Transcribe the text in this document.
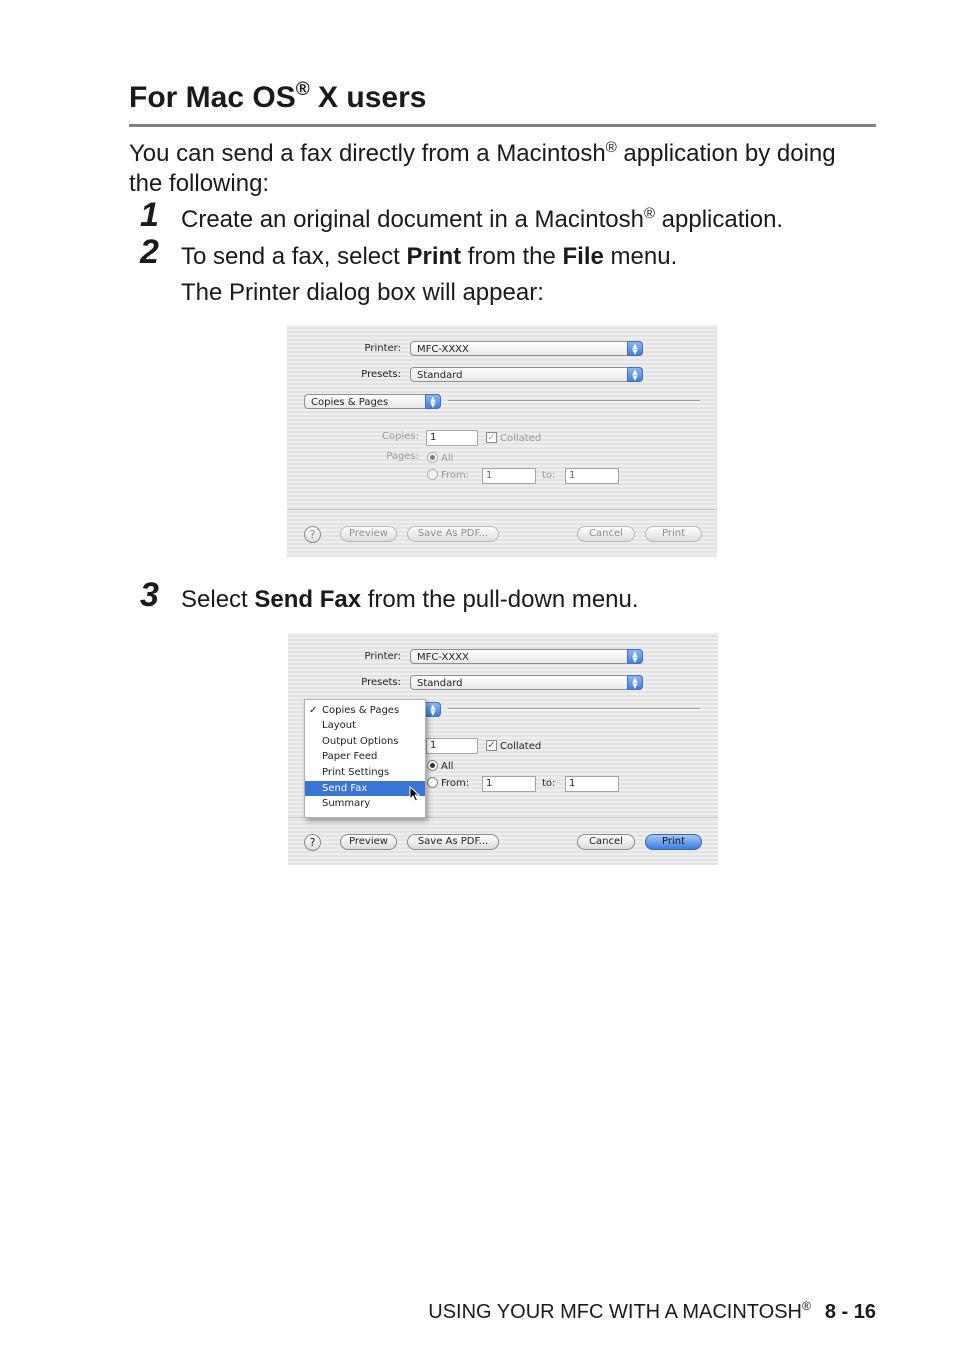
For Mac OS® X users
You can send a fax directly from a Macintosh® application by doing
the following:
1 Create an original document in a Macintosh® application.
2 To send a fax, select Print from the File menu.
The Printer dialog box will appear:
Printer:	MFC-XXXX	▲
▼
Presets:	Standard	▲
▼
Copies & Pages	▲
▼
Copies:	1	✓ Collated
Pages: All
From:	1	to:	1
?	Preview	Save As PDF...	Cancel	Print
3 Select Send Fax from the pull-down menu.
Printer:	MFC-XXXX	▲
▼
Presets:	Standard	▲
▼
▲
▼
1	✓ Collated
All
From:	1	to:	1
?	Preview	Save As PDF...	Cancel	Print
✓ Copies & Pages
Layout
Output Options
Paper Feed
Print Settings
Send Fax
Summary
USING YOUR MFC WITH A MACINTOSH® 8 - 16
